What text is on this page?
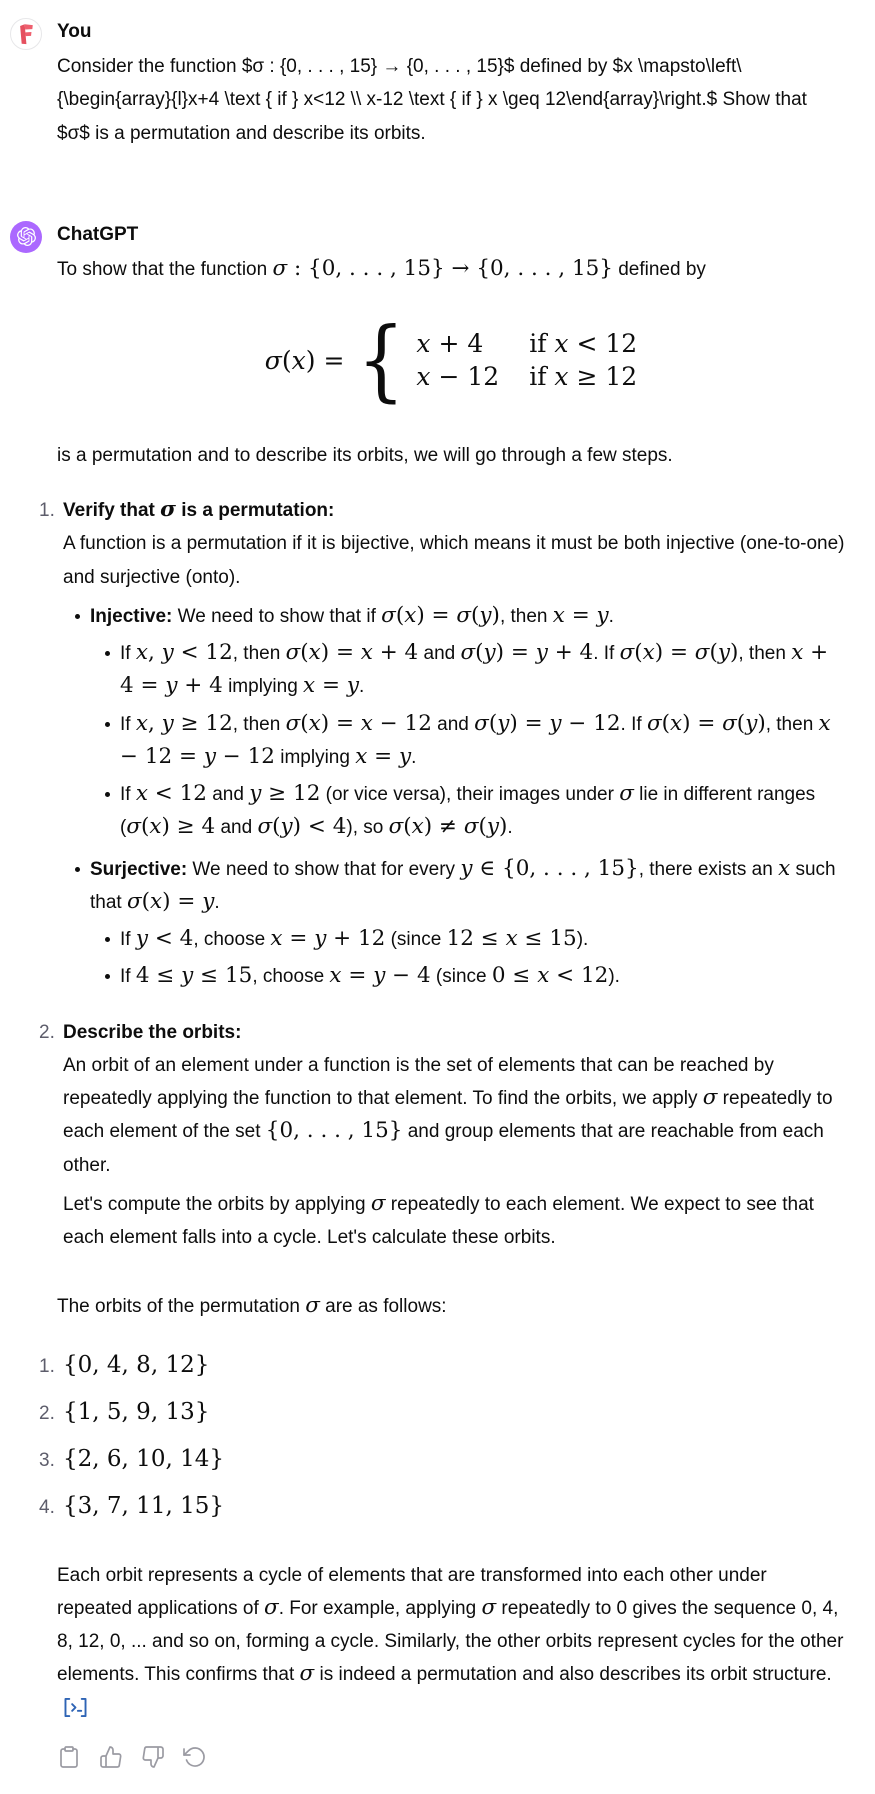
You

Consider the function $σ : {0, . . . , 15} → {0, . . . , 15}$ defined by $x \mapsto\left\ {\begin{array}{l}x+4 \text { if } x<12 \\ x-12 \text { if } x \geq 12\end{array}\right.$ Show that $σ$ is a permutation and describe its orbits.

ChatGPT

To show that the function σ : {0, . . . , 15} → {0, . . . , 15} defined by

σ(x) = { x + 4	if x < 12
x − 12 if x ≥ 12

is a permutation and to describe its orbits, we will go through a few steps.

1. Verify that σ is a permutation:

A function is a permutation if it is bijective, which means it must be both injective (one-to-one) and surjective (onto).

Injective: We need to show that if σ(x) = σ(y), then x = y.
If x, y < 12, then σ(x) = x + 4 and σ(y) = y + 4. If σ(x) = σ(y), then x + 4 = y + 4 implying x = y.
If x, y ≥ 12, then σ(x) = x − 12 and σ(y) = y − 12. If σ(x) = σ(y), then x − 12 = y − 12 implying x = y.
If x < 12 and y ≥ 12 (or vice versa), their images under σ lie in different ranges (σ(x) ≥ 4 and σ(y) < 4), so σ(x) ≠ σ(y).
Surjective: We need to show that for every y ∈ {0, . . . , 15}, there exists an x such that σ(x) = y.
If y < 4, choose x = y + 12 (since 12 ≤ x ≤ 15).
If 4 ≤ y ≤ 15, choose x = y − 4 (since 0 ≤ x < 12).
2. Describe the orbits:

An orbit of an element under a function is the set of elements that can be reached by repeatedly applying the function to that element. To find the orbits, we apply σ repeatedly to each element of the set {0, . . . , 15} and group elements that are reachable from each other.

Let's compute the orbits by applying σ repeatedly to each element. We expect to see that each element falls into a cycle. Let's calculate these orbits.

The orbits of the permutation σ are as follows:

1. {0, 4, 8, 12}
2. {1, 5, 9, 13}
3. {2, 6, 10, 14}
4. {3, 7, 11, 15}

Each orbit represents a cycle of elements that are transformed into each other under repeated applications of σ. For example, applying σ repeatedly to 0 gives the sequence 0, 4, 8, 12, 0, ... and so on, forming a cycle. Similarly, the other orbits represent cycles for the other elements. This confirms that σ is indeed a permutation and also describes its orbit structure.
